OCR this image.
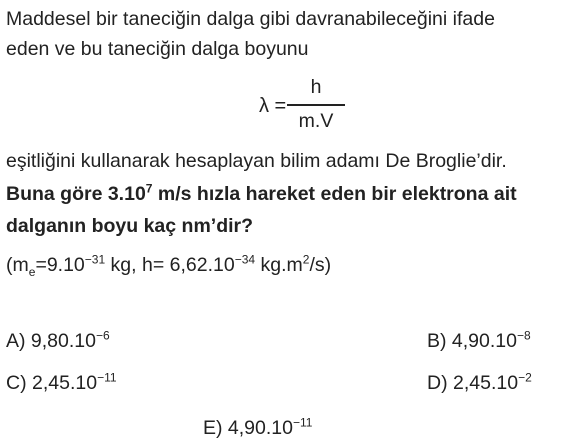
Maddesel bir taneciğin dalga gibi davranabileceğini ifade
eden ve bu taneciğin dalga boyunu
λ =
h
m.V
eşitliğini kullanarak hesaplayan bilim adamı De Broglie’dir.
Buna göre 3.10$^7$ m/s hızla hareket eden bir elektrona ait
dalganın boyu kaç nm’dir?
($m_e=9.10^{-31}$ kg, $h= 6,62.10^{-34}$ $kg.m^2/s$)
A) $9,80.10^{-6}$	B) $4,90.10^{-8}$
C) $2,45.10^{-11}$	D) $2,45.10^{-2}$
E) $4,90.10^{-11}$
